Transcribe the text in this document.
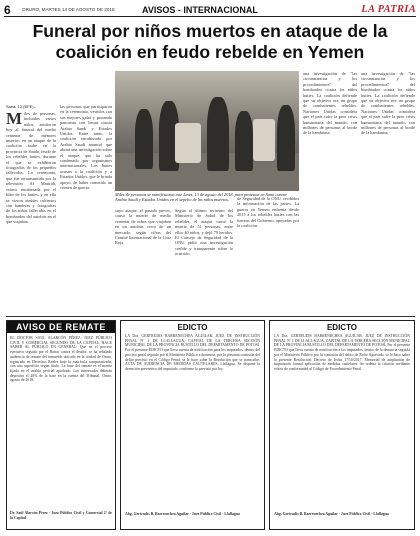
6	ORURO, MARTES 14 DE AGOSTO DE 2018	AVISOS - INTERNACIONAL	LA PATRIA
Funeral por niños muertos en ataque de la coalición en feudo rebelde en Yemen
Sana, 13 (EFE).-
M iles de personas, incluidos varios niños, asistieron hoy al funeral del medio centenar de menores muertos en un ataque de la coalición árabe en la provincia de Saada, feudo de los rebeldes hutíes, durante el que se exhibieron fotografías de los pequeños fallecidos. La ceremonia, que fue retransmitida por la televisión Al Masirah, estuvo encabezada por el líder de los hutíes, y en ella se vieron ataúdes cubiertos con banderas y fotografías de los niños fallecidos en el bombardeo del autobús en el que viajaban.
las personas que participaron en la ceremonia, vestidos con sus mejores galas y portando pancartas con lemas contra Arabia Saudí y Estados Unidos. Entre tanto, la coalición encabezada por Arabia Saudí anunció que abrirá una investigación sobre el ataque, que ha sido condenado por organismos internacionales. Los hutíes acusan a la coalición y a Estados Unidos, que le brinda apoyo, de haber cometido un crimen de guerra.
Miles de personas se manifestaron este lunes, 13 de agosto del 2018, para protestar en Sana contra Arabia Saudí y Estados Unidos en el sepelio de los niños muertos.
cuyo ataque, el pasado jueves, causó la muerte de medio centenar de niños que viajaban en un autobús cerca de un mercado, según cifras del Comité Internacional de la Cruz Roja.
Según el último recuento del Ministerio de Salud de los rebeldes, el ataque causó la muerte de 51 personas, entre ellos 40 niños, y dejó 79 heridos. El Consejo de Seguridad de la ONU pidió una investigación creíble y transparente sobre lo ocurrido.
de Seguridad de la ONU, recibidos la información de las partes. La guerra en Yemen enfrenta desde 2015 a los rebeldes hutíes con las fuerzas del Gobierno, apoyadas por la coalición.
una investigación de "las circunstancias y los procedimientos" del bombardeo contra los niños hutíes. La coalición defiende que su objetivo era un grupo de combatientes rebeldes. Naciones Unidas considera que el país sufre la peor crisis humanitaria del mundo, con millones de personas al borde de la hambruna.
una investigación de "las circunstancias y los procedimientos" del bombardeo contra los niños hutíes. La coalición defiende que su objetivo era un grupo de combatientes rebeldes. Naciones Unidas considera que el país sufre la peor crisis humanitaria del mundo, con millones de personas al borde de la hambruna.
AVISO DE REMATE
EL DOCTOR SAUL ALARCÓN PÉREZ, JUEZ PÚBLICO CIVIL Y COMERCIAL SEGUNDO DE LA CAPITAL, HACE SABER AL PÚBLICO EN GENERAL: Que en el proceso ejecutivo seguido por el Banco contra el deudor, se ha señalado audiencia de remate del inmueble ubicado en la ciudad de Oruro, registrado en Derechos Reales bajo la matrícula computarizada, con una superficie según título. La base del remate es el monto fijado en el avalúo pericial aprobado. Los interesados deberán depositar el 20% de la base en la cuenta del Tribunal. Oruro, agosto de 2018.
Dr. Saúl Alarcón Pérez - Juez Público Civil y Comercial 2º de la Capital
EDICTO
LA Dra. GERTRUDIS BARRENECHEA AGUILAR, JUEZ DE INSTRUCCIÓN PENAL Nº 1 DE LLALLAGUA, CAPITAL DE LA TERCERA SECCIÓN MUNICIPAL DE LA PROVINCIA BUSTILLO DEL DEPARTAMENTO DE POTOSÍ. Por el presente EDICTO que lleva cuenta de notificación para los imputados, dentro del proceso penal seguido por el Ministerio Público a denuncia, por la presunta comisión del delito previsto en el Código Penal, se le hace saber la Resolución que se transcribe: ACTA DE AUDIENCIA DE MEDIDAS CAUTELARES. Llallagua. Se dispone la detención preventiva del imputado, conforme lo previsto por ley.
Abg. Gertrudis B. Barrenechea Aguilar - Juez Público Civil - Llallagua
EDICTO
LA Dra. GERTRUDIS BARRENECHEA AGUILAR, JUEZ DE INSTRUCCIÓN PENAL Nº 1 DE LLALLAGUA, CAPITAL DE LA TERCERA SECCIÓN MUNICIPAL DE LA PROVINCIA BUSTILLO DEL DEPARTAMENTO DE POTOSÍ. Por el presente EDICTO que lleva cuenta de notificación a los imputados, dentro de la denuncia seguida por el Ministerio Público por la comisión del delito de Robo Agravado, se le hace saber la presente Resolución: Decreto de fecha 17/10/2017. Memorial de ampliación de imputación formal aplicación de medidas cautelares. Se ordena la citación mediante edicto de conformidad al Código de Procedimiento Penal.
Abg. Gertrudis B. Barrenechea Aguilar - Juez Público Civil - Llallagua
